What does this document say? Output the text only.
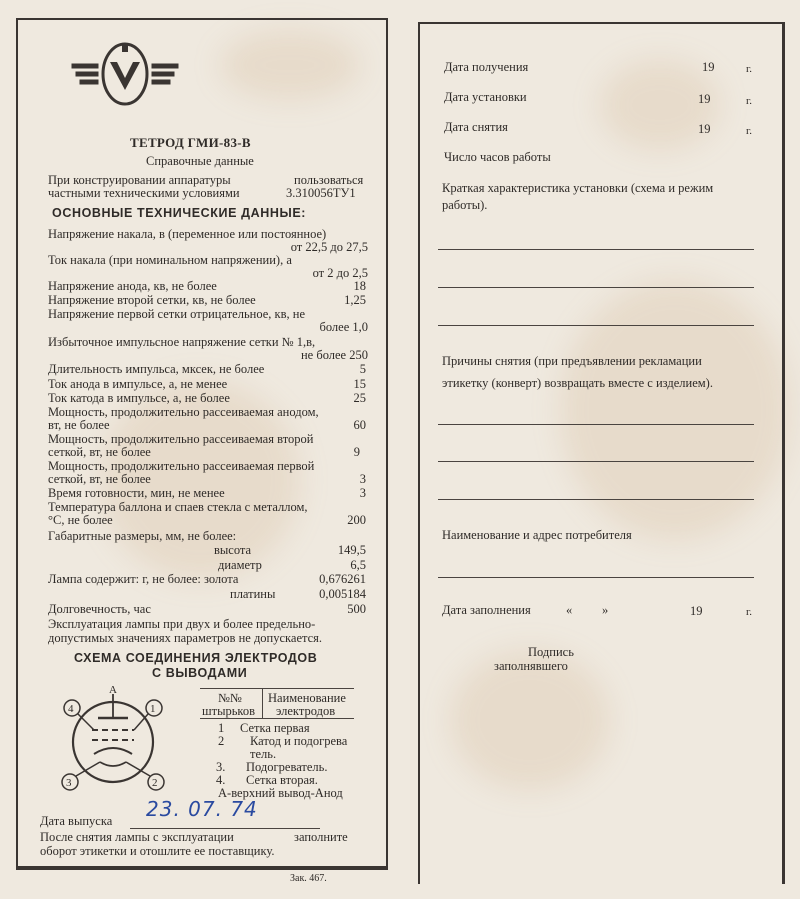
ТЕТРОД ГМИ-83-В
Справочные данные
При конструировании аппаратуры	пользоваться
частными техническими условиями	3.310056ТУ1
ОСНОВНЫЕ ТЕХНИЧЕСКИЕ ДАННЫЕ:
Напряжение накала, в (переменное или постоянное)
от 22,5 до 27,5
Ток накала (при номинальном напряжении), а
от 2 до 2,5
Напряжение анода, кв, не более	18
Напряжение второй сетки, кв, не более	1,25
Напряжение первой сетки отрицательное, кв, не
более 1,0
Избыточное импульсное напряжение сетки № 1,в,
не более 250
Длительность импульса, мксек, не более	5
Ток анода в импульсе, а, не менее	15
Ток катода в импульсе, а, не более	25
Мощность, продолжительно рассеиваемая анодом,
вт, не более	60
Мощность, продолжительно рассеиваемая второй
сеткой, вт, не более	9
Мощность, продолжительно рассеиваемая первой
сеткой, вт, не более	3
Время готовности, мин, не менее	3
Температура баллона и спаев стекла с металлом,
°С, не более	200
Габаритные размеры, мм, не более:
высота	149,5
диаметр	6,5
Лампа содержит: г, не более: золота	0,676261
платины	0,005184
Долговечность, час	500
Эксплуатация лампы при двух и более предельно-
допустимых значениях параметров не допускается.
СХЕМА СОЕДИНЕНИЯ ЭЛЕКТРОДОВ
С ВЫВОДАМИ
А
4	1
3	2
№№
штырьков
Наименование
электродов
1 Сетка первая
2 Катод и подогрева
тель.
3. Подогреватель.
4. Сетка вторая.
А-верхний вывод-Анод
Дата выпуска 23. 07. 74
После снятия лампы с эксплуатации	заполните
оборот этикетки и отошлите ее поставщику.
Зак. 467.
Дата получения	19	г.
Дата установки	19	г.
Дата снятия	19	г.
Число часов работы
Краткая характеристика установки (схема и режим
работы).
Причины снятия (при предъявлении рекламации
этикетку (конверт) возвращать вместе с изделием).
Наименование и адрес потребителя
Дата заполнения	« »	19	г.
Подпись
заполнявшего
